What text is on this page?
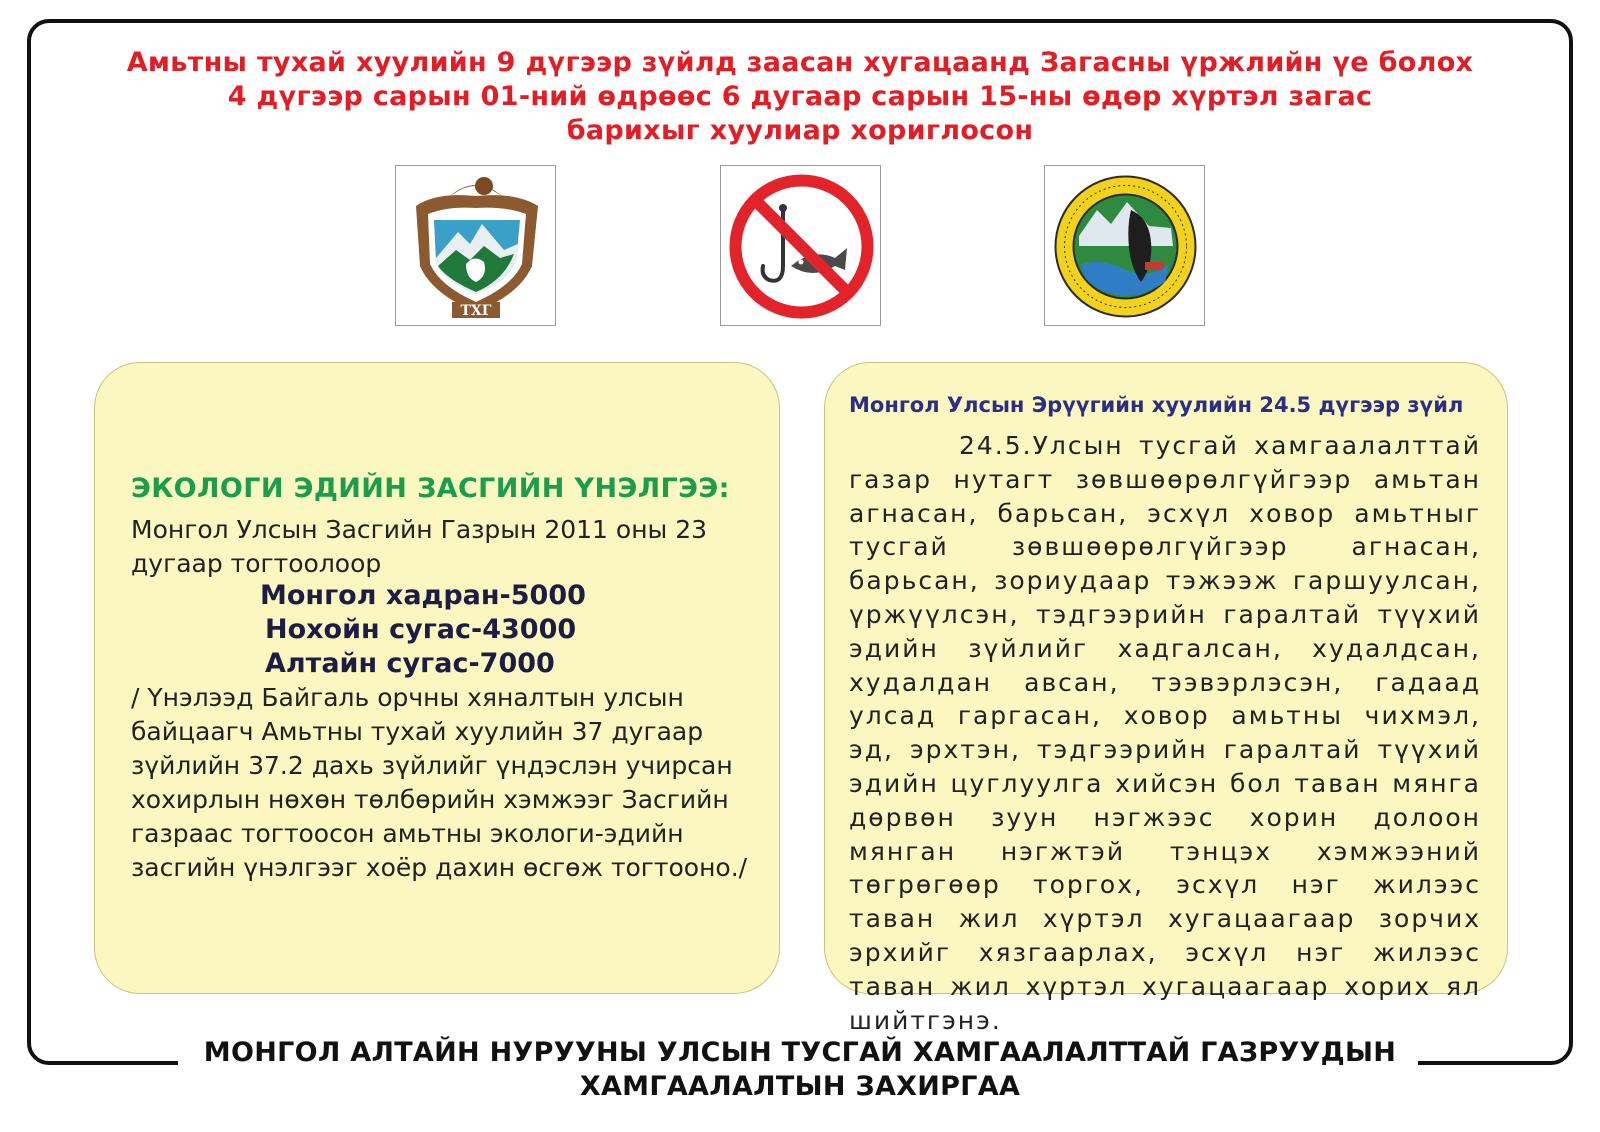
Амьтны тухай хуулийн 9 дүгээр зүйлд заасан хугацаанд Загасны үржлийн үе болох
4 дүгээр сарын 01-ний өдрөөс 6 дугаар сарын 15-ны өдөр хүртэл загас
барихыг хуулиар хориглосон
ТХГ
ЭКОЛОГИ ЭДИЙН ЗАСГИЙН ҮНЭЛГЭЭ:
Монгол Улсын Засгийн Газрын 2011 оны 23 дугаар тогтоолоор
Монгол хадран-5000
Нохойн сугас-43000
Алтайн сугас-7000
/ Үнэлээд Байгаль орчны хяналтын улсын байцаагч Амьтны тухай хуулийн 37 дугаар зүйлийн 37.2 дахь зүйлийг үндэслэн учирсан хохирлын нөхөн төлбөрийн хэмжээг Засгийн газраас тогтоосон амьтны экологи-эдийн засгийн үнэлгээг хоёр дахин өсгөж тогтооно./
Монгол Улсын Эрүүгийн хуулийн 24.5 дүгээр зүйл
24.5.Улсын тусгай хамгаалалттай газар нутагт зөвшөөрөлгүйгээр амьтан агнасан, барьсан, эсхүл ховор амьтныг тусгай зөвшөөрөлгүйгээр агнасан, барьсан, зориудаар тэжээж гаршуулсан, үржүүлсэн, тэдгээрийн гаралтай түүхий эдийн зүйлийг хадгалсан, худалдсан, худалдан авсан, тээвэрлэсэн, гадаад улсад гаргасан, ховор амьтны чихмэл, эд, эрхтэн, тэдгээрийн гаралтай түүхий эдийн цуглуулга хийсэн бол таван мянга дөрвөн зуун нэгжээс хорин долоон мянган нэгжтэй тэнцэх хэмжээний төгрөгөөр торгох, эсхүл нэг жилээс таван жил хүртэл хугацаагаар зорчих эрхийг хязгаарлах, эсхүл нэг жилээс таван жил хүртэл хугацаагаар хорих ял шийтгэнэ.
МОНГОЛ АЛТАЙН НУРУУНЫ УЛСЫН ТУСГАЙ ХАМГААЛАЛТТАЙ ГАЗРУУДЫН
ХАМГААЛАЛТЫН ЗАХИРГАА
